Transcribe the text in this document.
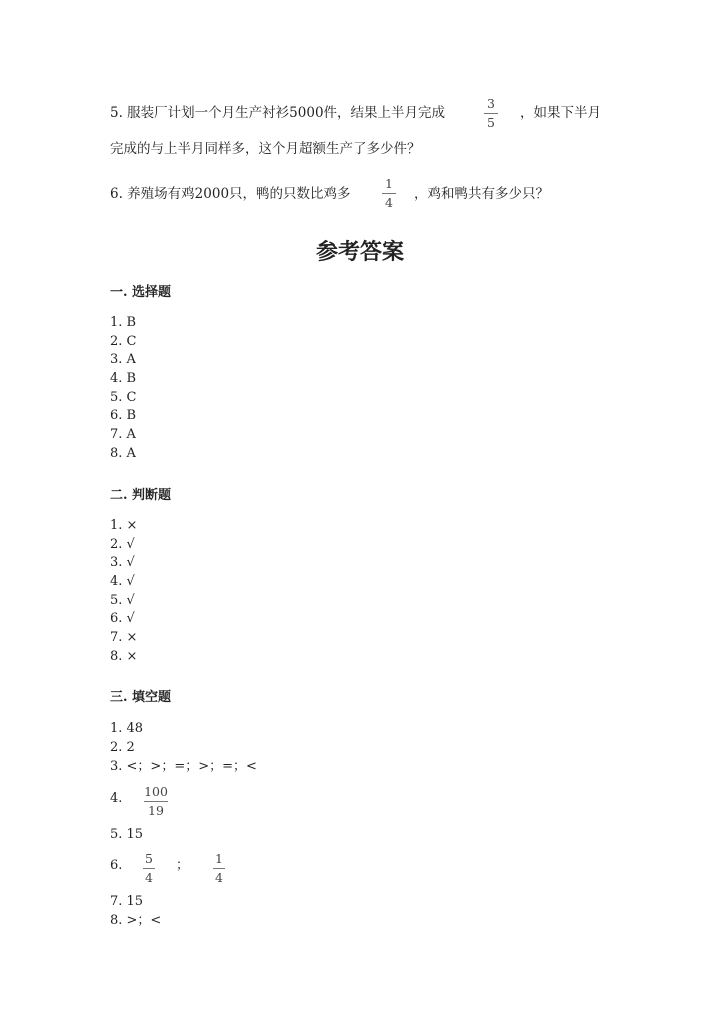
5. 服装厂计划一个月生产衬衫5000件，结果上半月完成
3
5
，如果下半月
完成的与上半月同样多，这个月超额生产了多少件？
6. 养殖场有鸡2000只，鸭的只数比鸡多
1
4
，鸡和鸭共有多少只？
参考答案
一. 选择题
1. B
2. C
3. A
4. B
5. C
6. B
7. A
8. A
二. 判断题
1. ×
2. √
3. √
4. √
5. √
6. √
7. ×
8. ×
三. 填空题
1. 48
2. 2
3. <；>；=；>；=；<
4. 100
19
5. 15
6. 5
4
； 1
4
7. 15
8. >；<
